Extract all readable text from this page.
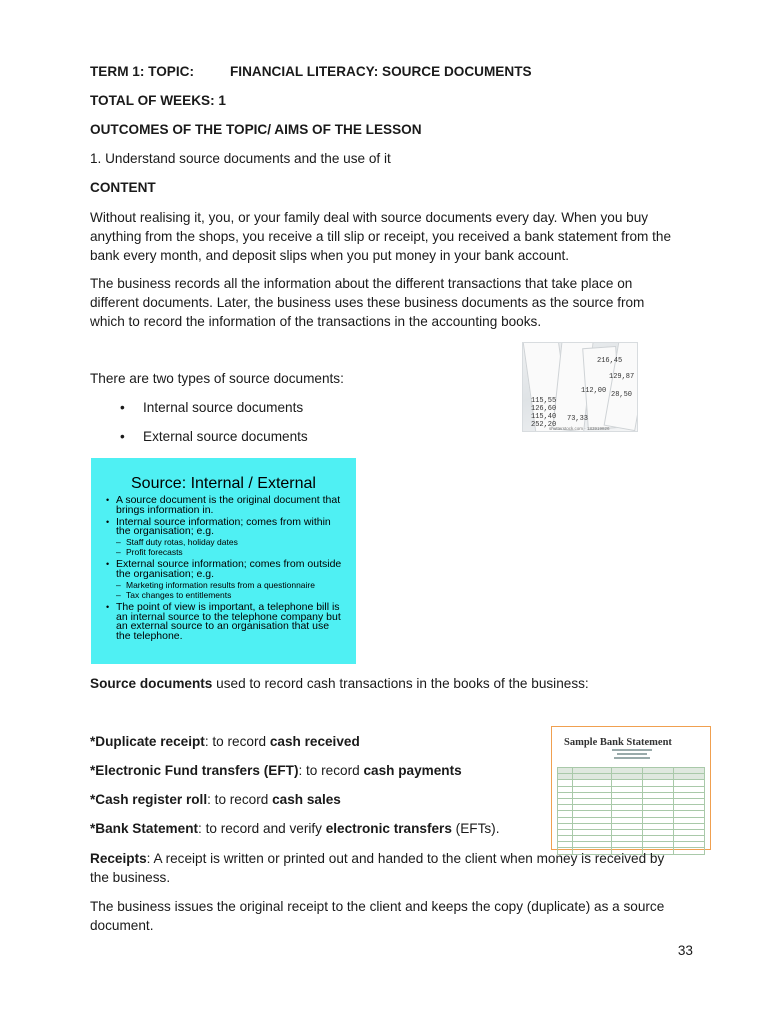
TERM 1: TOPIC:	FINANCIAL LITERACY: SOURCE DOCUMENTS
TOTAL OF WEEKS: 1
OUTCOMES OF THE TOPIC/ AIMS OF THE LESSON
1. Understand source documents and the use of it
CONTENT
Without realising it, you, or your family deal with source documents every day. When you buy anything from the shops, you receive a till slip or receipt, you received a bank statement from the bank every month, and deposit slips when you put money in your bank account.
The business records all the information about the different transactions that take place on different documents. Later, the business uses these business documents as the source from which to record the information of the transactions in the accounting books.
216,45
129,87
112,00 28,50
115,55
126,60
115,40
252,20
73,33
shutterstock.com · 183919826
There are two types of source documents:
• Internal source documents
• External source documents
Source: Internal / External
• A source document is the original document that brings information in.
• Internal source information; comes from within the organisation; e.g.
– Staff duty rotas, holiday dates
– Profit forecasts
• External source information; comes from outside the organisation; e.g.
– Marketing information results from a questionnaire
– Tax changes to entitlements
• The point of view is important, a telephone bill is an internal source to the telephone company but an external source to an organisation that use the telephone.
Source documents used to record cash transactions in the books of the business:
*Duplicate receipt: to record cash received
*Electronic Fund transfers (EFT): to record cash payments
*Cash register roll: to record cash sales
*Bank Statement: to record and verify electronic transfers (EFTs).
Sample Bank Statement

Receipts: A receipt is written or printed out and handed to the client when money is received by the business.
The business issues the original receipt to the client and keeps the copy (duplicate) as a source document.
33
